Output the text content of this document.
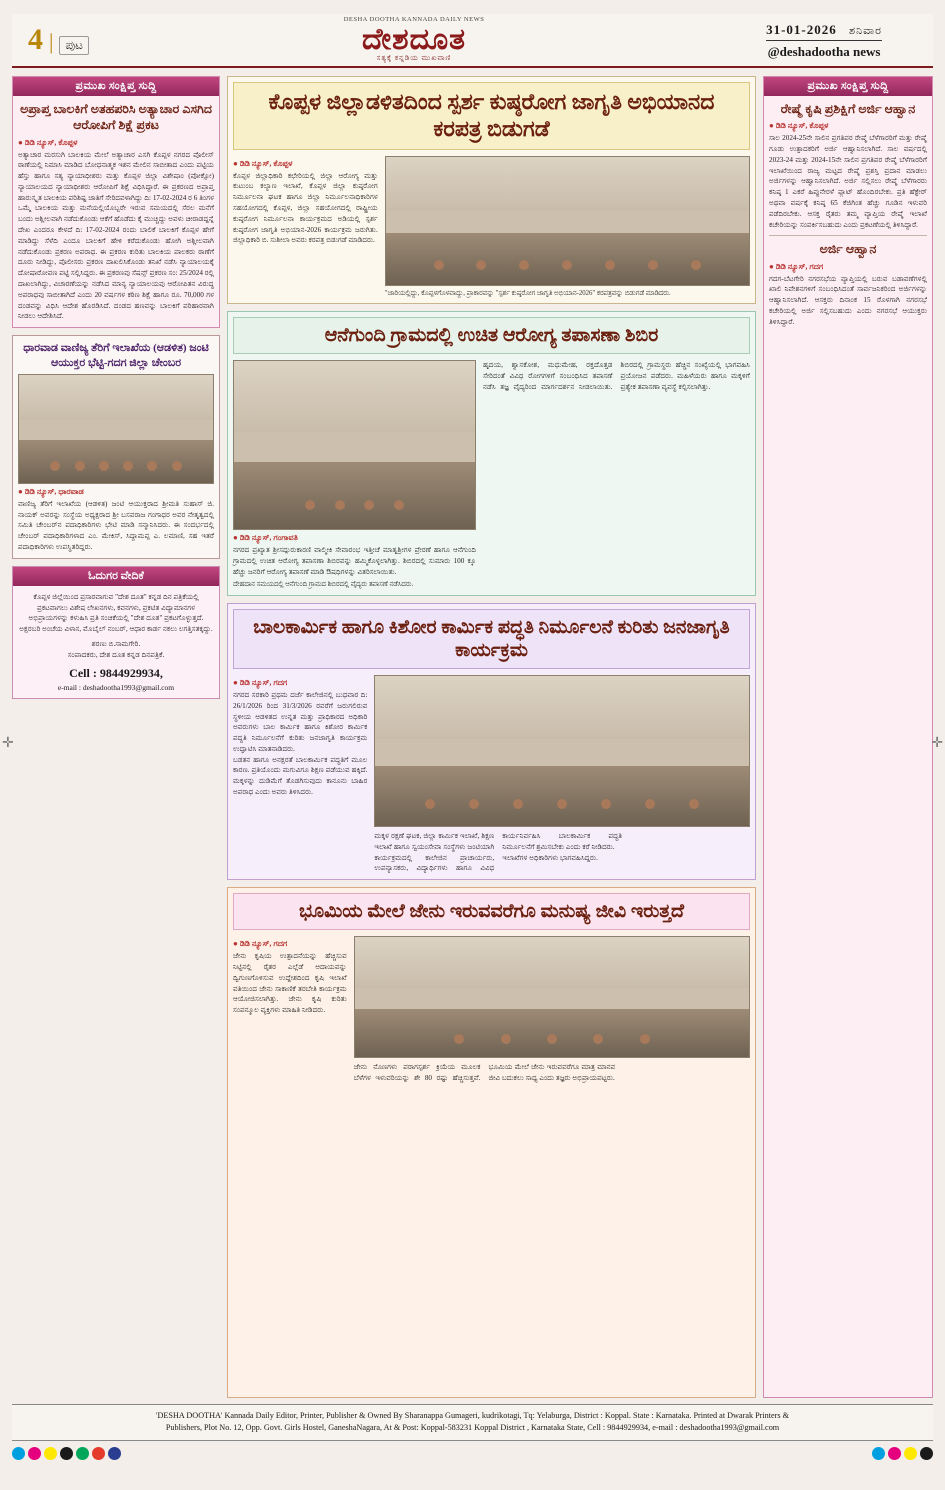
4 |	ಪುಟ
DESHA DOOTHA KANNADA DAILY NEWS
ದೇಶದೂತ
ಸತ್ಯಕ್ಕೆ ಕನ್ನಡಿಯ ಮುಖವಾಣಿ
31-01-2026 ಶನಿವಾರ
@deshadootha news
ಪ್ರಮುಖ ಸಂಕ್ಷಿಪ್ತ ಸುದ್ದಿ
ಅಪ್ರಾಪ್ತ ಬಾಲಕಿಗೆ ಅತಹಪರಿಸಿ ಅತ್ಯಾಚಾರ ಎಸಗಿದ ಆರೋಪಿಗೆ ಶಿಕ್ಷೆ ಪ್ರಕಟ
● ಡಿಡಿ ನ್ಯೂಸ್, ಕೊಪ್ಪಳ
ಅತ್ಯಾಚಾರ ಮರಸುಗಿ ಬಾಲಕಿಯ ಮೇಲೆ ಅತ್ಯಾಚಾರ ಎಸಗಿ ಕೊಪ್ಪಳ ನಗರದ ಪೊಲೀಸ್ ಠಾಣೆಯಲ್ಲಿ ನಿಮಾಸಿ ಮಾಡಿದ ಬೋಧನಾತ್ಮಕ ಇಶನ ಮೇಲಿನ ಸಾಬೀತಾದ ಎಂದು ಪಟ್ಟಿಯ ಹೆಸ್ತು ಹಾಗೂ ಸತ್ಯ ನ್ಯಾಯಾಧೀಶರು ಮತ್ತು ಕೊಪ್ಪಳ ಜಿಲ್ಲಾ ವಿಶೇಷಾಂ (ಪೋಕ್ಸೋ) ನ್ಯಾಯಾಲಯದ ನ್ಯಾಯಾಧೀಶರು ಆರೋಪಿಗೆ ಶಿಕ್ಷೆ ವಿಧಿಸಿದ್ದಾರೆ. ಈ ಪ್ರಕರಣದ ಅಪ್ರಾಪ್ತ ಹಾರುಸ್ಕೃತ ಬಾಲಕಿಯ ಪರಿಶಿಷ್ಟ ಜಾತಿಗೆ ಸೇರಿದವಳಾಗಿದ್ದು ದಿ: 17-02-2024 ರ 6 ತಿಂಗಳ ಒಮ್ಮೆ ಬಾಲಕಿಯ ಮತ್ತು ಮನೆಯಲ್ಲಿಯೊಬ್ಬರೇ ಇರುವ ಸಮಯದಲ್ಲಿ ಸೆರಲ ಮನೆಗೆ ಬಂದು ಅಶ್ಲೀಲವಾಗಿ ನಡೆದುಕೊಂಡು ಆಕೆಗೆ ಹೊಡೆದು ಕೈ ಮುಚ್ಚಿದ್ದು ಅವಳು ಚೀರಾಡದ್ದನ್ನೆ ದೇಖ ಎಂದರೂ ಕೇಳದೆ ದಿ: 17-02-2024 ರಂದು ಬಾಲಿಕೆ ಬಾಲಕಿಗೆ ಕೊಪ್ಪಳ ಹೇಗೆ ಮಾಡಿದ್ದು ಸೆಳೆದಿ ಎಂದೂ ಬಾಲಕಿಗೆ ಹೇಳಿ ಕರೆದುಕೊಂಡು ಹೋಗಿ ಅಶ್ಲೀಲವಾಗಿ ನಡೆದುಕೊಂಡು ಪ್ರಕರಣ ಅಪರಾಧ. ಈ ಪ್ರಕರಣ ಕುರಿತು ಬಾಲಕಿಯ ಪಾಲಕರು ಠಾಣೆಗೆ ದೂರು ನೀಡಿದ್ದು, ಪೊಲೀಸರು ಪ್ರಕರಣ ದಾಖಲಿಸಿಕೊಂಡು ತನಿಖೆ ನಡೆಸಿ ನ್ಯಾಯಾಲಯಕ್ಕೆ ದೋಷಾರೋಪಣ ಪಟ್ಟಿ ಸಲ್ಲಿಸಿದ್ದರು. ಈ ಪ್ರಕರಣವು ಸೆಷನ್ಸ್ ಪ್ರಕರಣ ಸಂ: 25/2024 ರಲ್ಲಿ ದಾಖಲಾಗಿದ್ದು, ವಿಚಾರಣೆಯನ್ನು ನಡೆಸಿದ ಮಾನ್ಯ ನ್ಯಾಯಾಲಯವು ಆರೋಪಿತನ ವಿರುದ್ಧ ಅಪರಾಧವು ಸಾಬೀತಾಗಿದೆ ಎಂದು 20 ವರ್ಷಗಳ ಕಠಿಣ ಶಿಕ್ಷೆ ಹಾಗೂ ರೂ. 70,000 ಗಳ ದಂಡವನ್ನು ವಿಧಿಸಿ ಆದೇಶ ಹೊರಡಿಸಿದೆ. ದಂಡದ ಹಣವನ್ನು ಬಾಲಕಿಗೆ ಪರಿಹಾರವಾಗಿ ನೀಡಲು ಆದೇಶಿಸಿದೆ.
ಧಾರವಾಡ ವಾಣಿಜ್ಯ ತೆರಿಗೆ ಇಲಾಖೆಯ (ಆಡಳಿತ) ಜಂಟಿ ಆಯುಕ್ತರ ಭೆಟ್ಟಿ-ಗದಗ ಜಿಲ್ಲಾ ಚೇಂಬರ
● ಡಿಡಿ ನ್ಯೂಸ್, ಧಾರವಾಡ
ವಾಣಿಜ್ಯ ತೆರಿಗೆ ಇಲಾಖೆಯ (ಆಡಳಿತ) ಜಂಟಿ ಆಯುಕ್ತರಾದ ಶ್ರೀಮತಿ ಸುಹಾಸ್ ಜಿ. ನಾಯಕ್ ಅವರನ್ನು ಸಂಸ್ಥೆಯ ಅಧ್ಯಕ್ಷರಾದ ಶ್ರೀ ಬಸವರಾಜ ಗಂಗಾಧರ ಅವರ ನೇತೃತ್ವದಲ್ಲಿ ಸಮಿತಿ ಚೇಂಬರ್‌ನ ಪದಾಧಿಕಾರಿಗಳು ಭೇಟಿ ಮಾಡಿ ಸನ್ಮಾನಿಸಿದರು. ಈ ಸಂದರ್ಭದಲ್ಲಿ ಚೇಂಬರ್ ಪದಾಧಿಕಾರಿಗಳಾದ ಎಂ. ಮೇಕಿಸ್, ಸಿದ್ದಾಮಪ್ಪ ಎ. ಲಮಾಣಿ, ಸಹ ಇತರೆ ಪದಾಧಿಕಾರಿಗಳು ಉಪಸ್ಥಿತರಿದ್ದರು.
ಓದುಗರ ವೇದಿಕೆ
ಕೊಪ್ಪಳ ಜಿಲ್ಲೆಯಿಂದ ಪ್ರಸಾರವಾಗುವ "ದೇಶ ದೂತ" ಕನ್ನಡ ದಿನ ಪತ್ರಿಕೆಯಲ್ಲಿ ಪ್ರಕಟವಾಗಲು ವಿಶೇಷ ಲೇಖನಗಳು, ಕವನಗಳು, ಪ್ರಕಟಿತ ವಿದ್ಯಾಮಾನಗಳ ಅಭಿಪ್ರಾಯಗಳನ್ನು ಕಳುಹಿಸಿ ಪ್ರತಿ ಸಂಚಿಕೆಯಲ್ಲಿ "ದೇಶ ದೂತ" ಪ್ರಕಟಗೊಳ್ಳುತ್ತದೆ. ಅಕ್ಷರಬರಿ ಅಂಚೆಯ ವಿಳಾಸ, ಮೊಬೈಲ್ ನಂಬರ್, ಆಧಾರ ಕಾರ್ಡ ನಕಲು ಲಗತ್ತಿಸತಕ್ಕದ್ದು.
ಶರಣು ಬಿ.ಸಾಮಗೇರಿ.
ಸಂಪಾದಕರು, ದೇಶ ದೂತ ಕನ್ನಡ ದಿನಪತ್ರಿಕೆ.
Cell : 9844929934,
e-mail : deshadootha1993@gmail.com
ಕೊಪ್ಪಳ ಜಿಲ್ಲಾಡಳಿತದಿಂದ ಸ್ಪರ್ಶ ಕುಷ್ಠರೋಗ ಜಾಗೃತಿ ಅಭಿಯಾನದ ಕರಪತ್ರ ಬಿಡುಗಡೆ
● ಡಿಡಿ ನ್ಯೂಸ್, ಕೊಪ್ಪಳ
ಕೊಪ್ಪಳ ಜಿಲ್ಲಾಧಿಕಾರಿ ಕಛೇರಿಯಲ್ಲಿ ಜಿಲ್ಲಾ ಆರೋಗ್ಯ ಮತ್ತು ಕುಟುಂಬ ಕಲ್ಯಾಣ ಇಲಾಖೆ, ಕೊಪ್ಪಳ ಜಿಲ್ಲಾ ಕುಷ್ಠರೋಗ ನಿರ್ಮೂಲನಾ ಘಟಕ ಹಾಗೂ ಜಿಲ್ಲಾ ನಿರ್ಮೂಲನಾಧಿಕಾರಿಗಳ ಸಹಯೋಗದಲ್ಲಿ ಕೊಪ್ಪಳ, ಜಿಲ್ಲಾ ಸಹಯೋಗದಲ್ಲಿ ರಾಷ್ಟ್ರೀಯ ಕುಷ್ಠರೋಗ ನಿರ್ಮೂಲನಾ ಕಾರ್ಯಕ್ರಮದ ಅಡಿಯಲ್ಲಿ ಸ್ಪರ್ಶ ಕುಷ್ಠರೋಗ ಜಾಗೃತಿ ಅಭಿಯಾನ-2026 ಕಾರ್ಯಕ್ರಮ ಜರುಗಿತು. ಜಿಲ್ಲಾಧಿಕಾರಿ ಬಿ. ಸುಶೀಲಾ ಅವರು ಕರಪತ್ರ ಬಿಡುಗಡೆ ಮಾಡಿದರು.
"ಜಾರಿಯಲ್ಲಿದ್ದು, ಕೊಪ್ಪಳಗೊಳವಾದ್ದು, ಪ್ರಾಕಾರವನ್ನು "ಸ್ಪರ್ಶ ಕುಷ್ಠರೋಗ ಜಾಗೃತಿ ಅಭಿಯಾನ-2026" ಕರಪತ್ರವನ್ನು ಬಿಡುಗಡೆ ಮಾಡಿದರು.
ಆನೆಗುಂದಿ ಗ್ರಾಮದಲ್ಲಿ ಉಚಿತ ಆರೋಗ್ಯ ತಪಾಸಣಾ ಶಿಬಿರ
● ಡಿಡಿ ನ್ಯೂಸ್, ಗಂಗಾವತಿ
ನಗರದ ಪ್ರಖ್ಯಾತ ಶ್ರೀಸದ್ಗುರುಕಾರಣಿ ವಾಲ್ಮೀಕಿ ಸೇವಾರಂಭ ಇತ್ತೀಚೆ ಮಾತೃಶ್ರೀಗಳ ಪ್ರೇರಣೆ ಹಾಗೂ ಆನೆಗುಂದಿ ಗ್ರಾಮದಲ್ಲಿ ಉಚಿತ ಆರೋಗ್ಯ ತಪಾಸಣಾ ಶಿಬಿರವನ್ನು ಹಮ್ಮಿಕೊಳ್ಳಲಾಗಿತ್ತು. ಶಿಬಿರದಲ್ಲಿ ಸುಮಾರು 100 ಕ್ಕೂ ಹೆಚ್ಚು ಜನರಿಗೆ ಆರೋಗ್ಯ ತಪಾಸಣೆ ಮಾಡಿ ಔಷಧಿಗಳನ್ನು ವಿತರಿಸಲಾಯಿತು.
ದೇಹದಾನ ಸಮಯದಲ್ಲಿ ಆನೆಗುಂದಿ ಗ್ರಾಮದ ಶಿಬಿರದಲ್ಲಿ ವೈದ್ಯರು ತಪಾಸಣೆ ನಡೆಸಿದರು.
ಹೃದಯ, ಶ್ವಾಸಕೋಶ, ಮಧುಮೇಹ, ರಕ್ತದೊತ್ತಡ ಸೇರಿದಂತೆ ವಿವಿಧ ರೋಗಗಳಿಗೆ ಸಂಬಂಧಿಸಿದ ತಪಾಸಣೆ ನಡೆಸಿ ತಜ್ಞ ವೈದ್ಯರಿಂದ ಮಾರ್ಗದರ್ಶನ ನೀಡಲಾಯಿತು. ಶಿಬಿರದಲ್ಲಿ ಗ್ರಾಮಸ್ಥರು ಹೆಚ್ಚಿನ ಸಂಖ್ಯೆಯಲ್ಲಿ ಭಾಗವಹಿಸಿ ಪ್ರಯೋಜನ ಪಡೆದರು. ಮಹಿಳೆಯರು ಹಾಗೂ ಮಕ್ಕಳಿಗೆ ಪ್ರತ್ಯೇಕ ತಪಾಸಣಾ ವ್ಯವಸ್ಥೆ ಕಲ್ಪಿಸಲಾಗಿತ್ತು.
ಬಾಲಕಾರ್ಮಿಕ ಹಾಗೂ ಕಿಶೋರ ಕಾರ್ಮಿಕ ಪದ್ಧತಿ ನಿರ್ಮೂಲನೆ ಕುರಿತು ಜನಜಾಗೃತಿ ಕಾರ್ಯಕ್ರಮ
● ಡಿಡಿ ನ್ಯೂಸ್, ಗದಗ
ನಗರದ ಸರಕಾರಿ ಪ್ರಥಮ ದರ್ಜೆ ಕಾಲೇಜಿನಲ್ಲಿ ಬುಧವಾರ ದಿ: 26/1/2026 ರಿಂದ 31/3/2026 ರವರೆಗೆ ಜರುಗಲಿರುವ ಸ್ಥಳೀಯ ಆಡಳಿತದ ಉನ್ನತ ಮತ್ತು ಪ್ರಾಧಿಕಾರದ ಅಧಿಕಾರಿ ಅವರುಗಳು ಬಾಲ ಕಾರ್ಮಿಕ ಹಾಗೂ ಕಿಶೋರ ಕಾರ್ಮಿಕ ಪದ್ಧತಿ ನಿರ್ಮೂಲನೆಗೆ ಕುರಿತು ಜನಜಾಗೃತಿ ಕಾರ್ಯಕ್ರಮ ಉದ್ಘಾಟಿಸಿ ಮಾತನಾಡಿದರು.
ಬಡತನ ಹಾಗೂ ಅನಕ್ಷರತೆ ಬಾಲಕಾರ್ಮಿಕ ಪದ್ಧತಿಗೆ ಮೂಲ ಕಾರಣ. ಪ್ರತಿಯೊಂದು ಮಗುವಿಗೂ ಶಿಕ್ಷಣ ಪಡೆಯುವ ಹಕ್ಕಿದೆ. ಮಕ್ಕಳನ್ನು ದುಡಿಮೆಗೆ ತೊಡಗಿಸುವುದು ಕಾನೂನು ಬಾಹಿರ ಅಪರಾಧ ಎಂದು ಅವರು ತಿಳಿಸಿದರು.
ಮಕ್ಕಳ ರಕ್ಷಣೆ ಘಟಕ, ಜಿಲ್ಲಾ ಕಾರ್ಮಿಕ ಇಲಾಖೆ, ಶಿಕ್ಷಣ ಇಲಾಖೆ ಹಾಗೂ ಸ್ವಯಂಸೇವಾ ಸಂಸ್ಥೆಗಳು ಜಂಟಿಯಾಗಿ ಕಾರ್ಯನಿರ್ವಹಿಸಿ ಬಾಲಕಾರ್ಮಿಕ ಪದ್ಧತಿ ನಿರ್ಮೂಲನೆಗೆ ಶ್ರಮಿಸಬೇಕು ಎಂದು ಕರೆ ನೀಡಿದರು.
ಕಾರ್ಯಕ್ರಮದಲ್ಲಿ ಕಾಲೇಜಿನ ಪ್ರಾಚಾರ್ಯರು, ಉಪನ್ಯಾಸಕರು, ವಿದ್ಯಾರ್ಥಿಗಳು ಹಾಗೂ ವಿವಿಧ ಇಲಾಖೆಗಳ ಅಧಿಕಾರಿಗಳು ಭಾಗವಹಿಸಿದ್ದರು.
ಭೂಮಿಯ ಮೇಲೆ ಜೇನು ಇರುವವರೆಗೂ ಮನುಷ್ಯ ಜೀವಿ ಇರುತ್ತದೆ
● ಡಿಡಿ ನ್ಯೂಸ್, ಗದಗ
ಜೇನು ಕೃಷಿಯ ಉತ್ಪಾದನೆಯನ್ನು ಹೆಚ್ಚಿಸುವ ನಿಟ್ಟಿನಲ್ಲಿ ರೈತರ ಎಲ್ಲೆಡೆ ಆದಾಯವನ್ನು ದ್ವಿಗುಣಗೊಳಿಸುವ ಉದ್ದೇಶದಿಂದ ಕೃಷಿ ಇಲಾಖೆ ವತಿಯಿಂದ ಜೇನು ಸಾಕಾಣಿಕೆ ತರಬೇತಿ ಕಾರ್ಯಕ್ರಮ ಆಯೋಜಿಸಲಾಗಿತ್ತು. ಜೇನು ಕೃಷಿ ಕುರಿತು ಸಂಪನ್ಮೂಲ ವ್ಯಕ್ತಿಗಳು ಮಾಹಿತಿ ನೀಡಿದರು.
ಜೇನು ನೊಣಗಳು ಪರಾಗಸ್ಪರ್ಶ ಕ್ರಿಯೆಯ ಮೂಲಕ ಬೆಳೆಗಳ ಇಳುವರಿಯನ್ನು ಶೇ 80 ರಷ್ಟು ಹೆಚ್ಚಿಸುತ್ತವೆ. ಭೂಮಿಯ ಮೇಲೆ ಜೇನು ಇರುವವರೆಗೂ ಮಾತ್ರ ಮಾನವ ಜೀವಿ ಬದುಕಲು ಸಾಧ್ಯ ಎಂದು ತಜ್ಞರು ಅಭಿಪ್ರಾಯಪಟ್ಟರು.
ಪ್ರಮುಖ ಸಂಕ್ಷಿಪ್ತ ಸುದ್ದಿ
ರೇಷ್ಮೆ ಕೃಷಿ ಪ್ರಶಿಕ್ಷಿಗೆ ಅರ್ಜಿ ಆಹ್ವಾನ
● ಡಿಡಿ ನ್ಯೂಸ್, ಕೊಪ್ಪಳ
ಸಾಲ 2024-25ನೇ ಸಾಲಿನ ಪ್ರಗತಿಪರ ರೇಷ್ಮೆ ಬೆಳೆಗಾರರಿಗೆ ಮತ್ತು ರೇಷ್ಮೆ ಗೂಡು ಉತ್ಪಾದಕರಿಗೆ ಅರ್ಜಿ ಆಹ್ವಾನಿಸಲಾಗಿದೆ. ಸಾಲ ವರ್ಷದಲ್ಲಿ 2023-24 ಮತ್ತು 2024-15ನೇ ಸಾಲಿನ ಪ್ರಗತಿಪರ ರೇಷ್ಮೆ ಬೆಳೆಗಾರರಿಗೆ ಇಲಾಖೆಯಿಂದ ರಾಜ್ಯ ಮಟ್ಟದ ರೇಷ್ಮೆ ಪ್ರಶಸ್ತಿ ಪ್ರದಾನ ಮಾಡಲು ಅರ್ಜಿಗಳನ್ನು ಆಹ್ವಾನಿಸಲಾಗಿದೆ. ಅರ್ಜಿ ಸಲ್ಲಿಸಲು ರೇಷ್ಮೆ ಬೆಳೆಗಾರರು ಕನಿಷ್ಠ 1 ಎಕರೆ ಹಿಪ್ಪುನೇರಳೆ ಪ್ಲಾಟ್ ಹೊಂದಿರಬೇಕು. ಪ್ರತಿ ಹೆಕ್ಟೇರ್ ಅಥವಾ ವರ್ಷಕ್ಕೆ ಕನಿಷ್ಠ 65 ಕೆಜಿಗಿಂತ ಹೆಚ್ಚು ಗೂಡಿನ ಇಳುವರಿ ಪಡೆದಿರಬೇಕು. ಆಸಕ್ತ ರೈತರು ತಮ್ಮ ವ್ಯಾಪ್ತಿಯ ರೇಷ್ಮೆ ಇಲಾಖೆ ಕಚೇರಿಯನ್ನು ಸಂಪರ್ಕಿಸಬಹುದು ಎಂದು ಪ್ರಕಟಣೆಯಲ್ಲಿ ತಿಳಿಸಿದ್ದಾರೆ.
ಅರ್ಜಿ ಆಹ್ವಾನ
● ಡಿಡಿ ನ್ಯೂಸ್, ಗದಗ
ಗದಗ-ಬೆಟಗೇರಿ ನಗರಸಭೆಯ ವ್ಯಾಪ್ತಿಯಲ್ಲಿ ಬರುವ ಬಡಾವಣೆಗಳಲ್ಲಿ ಖಾಲಿ ನಿವೇಶನಗಳಿಗೆ ಸಂಬಂಧಿಸಿದಂತೆ ಸಾರ್ವಜನಿಕರಿಂದ ಅರ್ಜಿಗಳನ್ನು ಆಹ್ವಾನಿಸಲಾಗಿದೆ. ಆಸಕ್ತರು ದಿನಾಂಕ 15 ರೊಳಗಾಗಿ ನಗರಸಭೆ ಕಚೇರಿಯಲ್ಲಿ ಅರ್ಜಿ ಸಲ್ಲಿಸಬಹುದು ಎಂದು ನಗರಸಭೆ ಆಯುಕ್ತರು ತಿಳಿಸಿದ್ದಾರೆ.
'DESHA DOOTHA' Kannada Daily Editor, Printer, Publisher & Owned By Sharanappa Gumageri, kudrikotagi, Tq: Yelaburga, District : Koppal. State : Karnataka. Printed at Dwarak Printers &
Publishers, Plot No. 12, Opp. Govt. Girls Hostel, GaneshaNagara, At & Post: Koppal-583231 Koppal District , Karnataka State, Cell : 9844929934, e-mail : deshadootha1993@gmail.com
✛	✛
